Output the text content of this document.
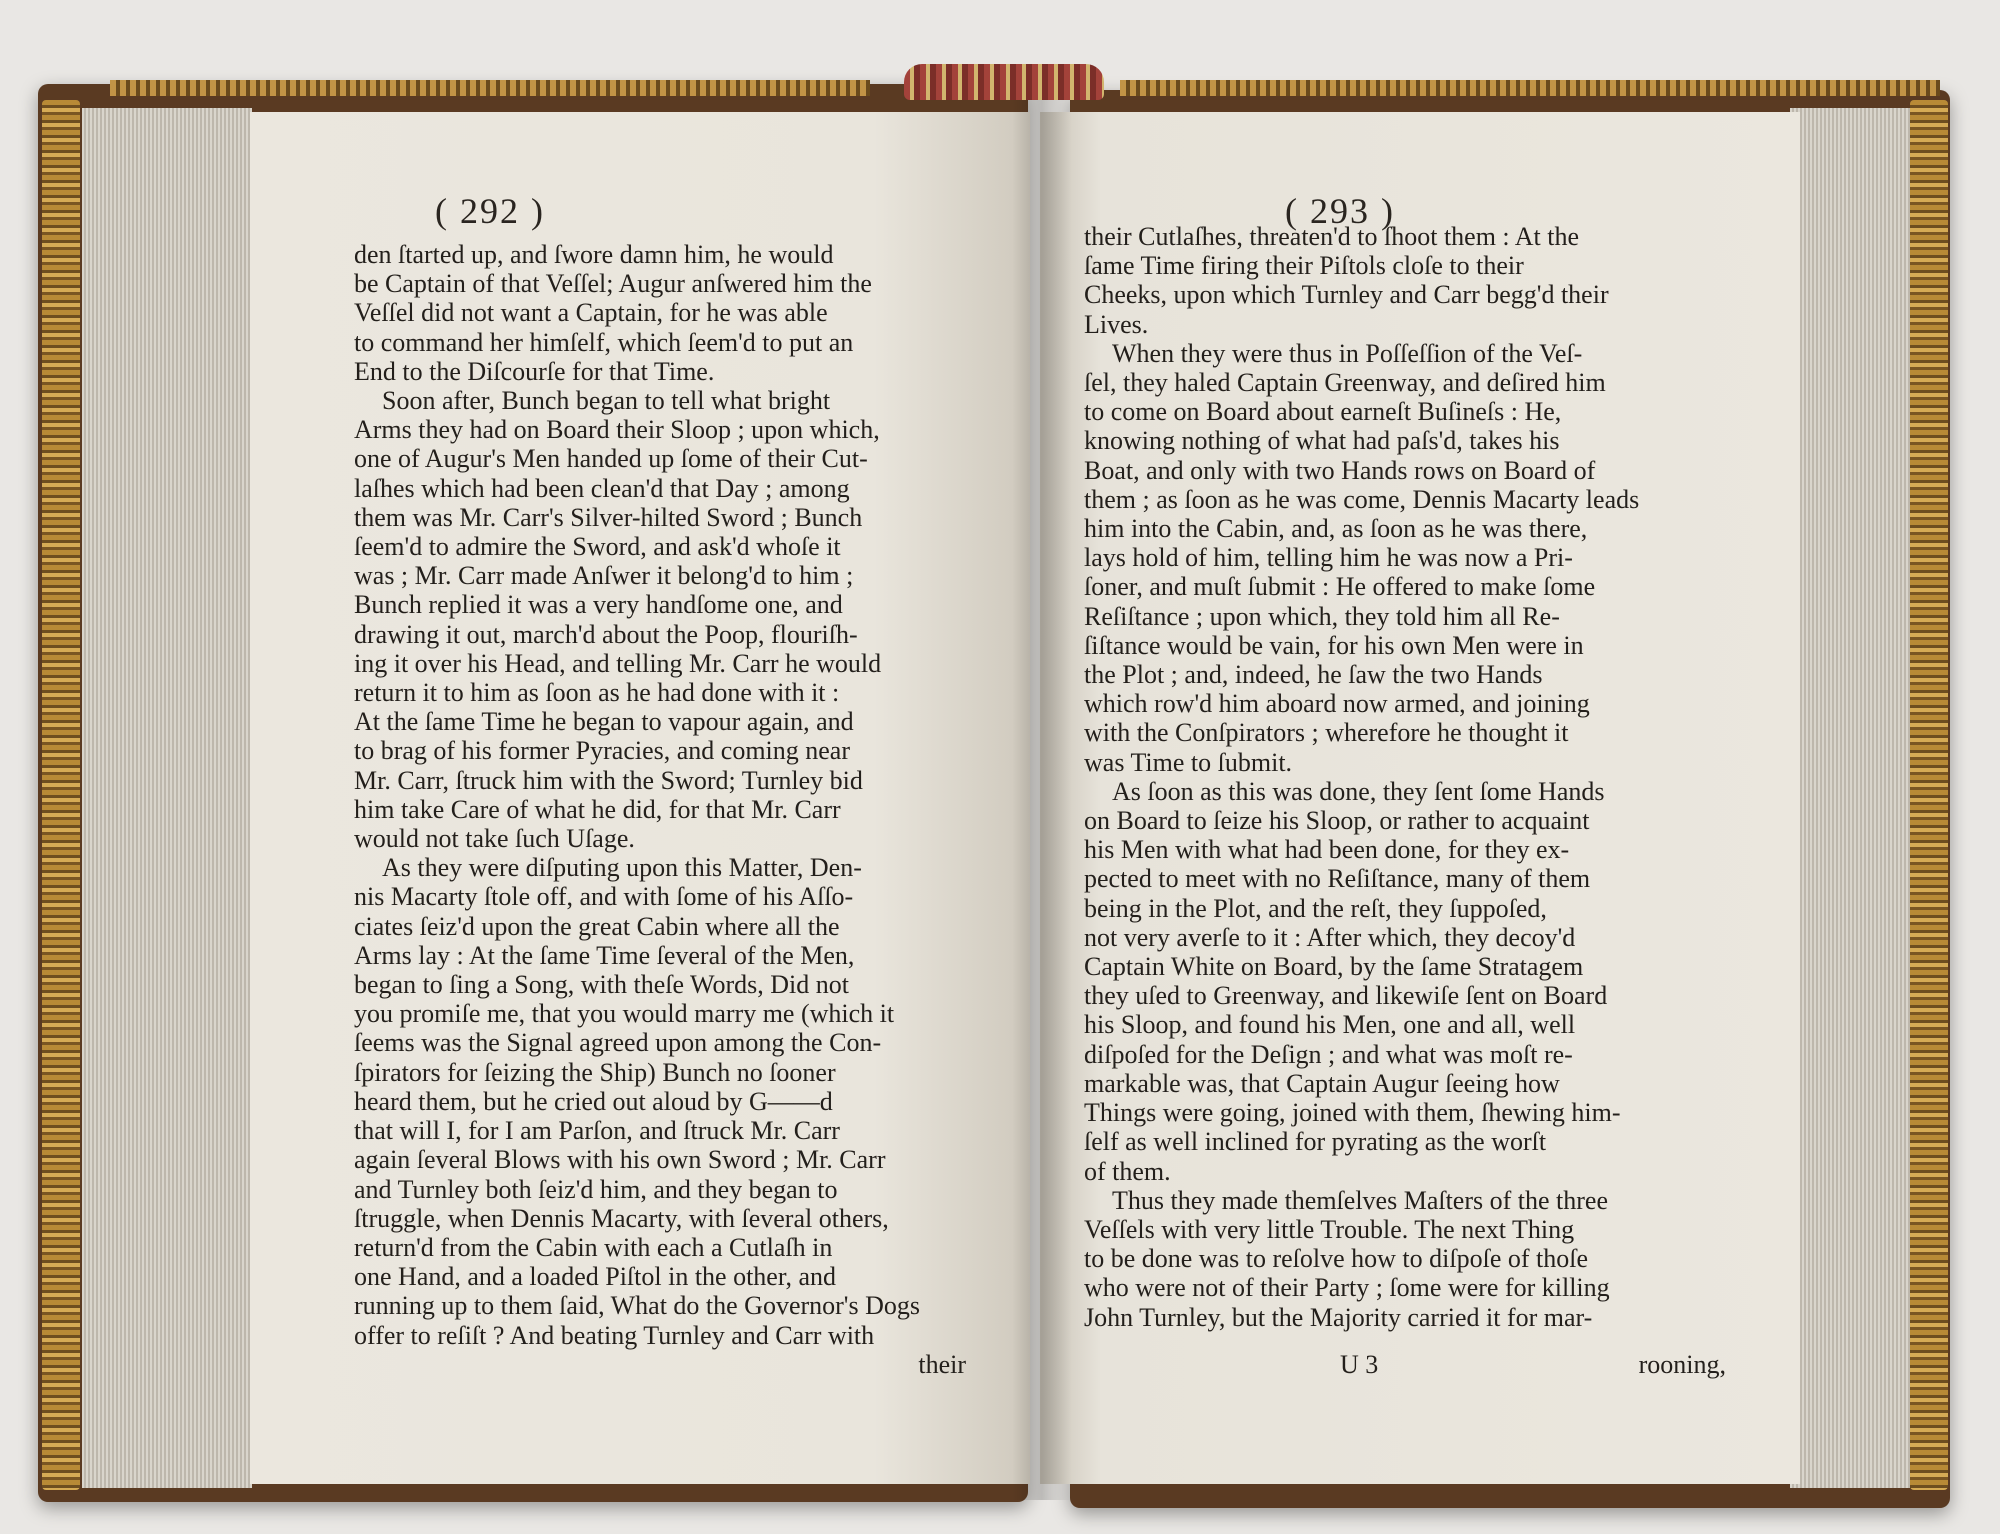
( 292 )
den ſtarted up, and ſwore damn him, he would
be Captain of that Veſſel; Augur anſwered him the
Veſſel did not want a Captain, for he was able
to command her himſelf, which ſeem'd to put an
End to the Diſcourſe for that Time.
Soon after, Bunch began to tell what bright
Arms they had on Board their Sloop ; upon which,
one of Augur's Men handed up ſome of their Cut-
laſhes which had been clean'd that Day ; among
them was Mr. Carr's Silver-hilted Sword ; Bunch
ſeem'd to admire the Sword, and ask'd whoſe it
was ; Mr. Carr made Anſwer it belong'd to him ;
Bunch replied it was a very handſome one, and
drawing it out, march'd about the Poop, flouriſh-
ing it over his Head, and telling Mr. Carr he would
return it to him as ſoon as he had done with it :
At the ſame Time he began to vapour again, and
to brag of his former Pyracies, and coming near
Mr. Carr, ſtruck him with the Sword; Turnley bid
him take Care of what he did, for that Mr. Carr
would not take ſuch Uſage.
As they were diſputing upon this Matter, Den-
nis Macarty ſtole off, and with ſome of his Aſſo-
ciates ſeiz'd upon the great Cabin where all the
Arms lay : At the ſame Time ſeveral of the Men,
began to ſing a Song, with theſe Words, Did not
you promiſe me, that you would marry me (which it
ſeems was the Signal agreed upon among the Con-
ſpirators for ſeizing the Ship) Bunch no ſooner
heard them, but he cried out aloud by G——d
that will I, for I am Parſon, and ſtruck Mr. Carr
again ſeveral Blows with his own Sword ; Mr. Carr
and Turnley both ſeiz'd him, and they began to
ſtruggle, when Dennis Macarty, with ſeveral others,
return'd from the Cabin with each a Cutlaſh in
one Hand, and a loaded Piſtol in the other, and
running up to them ſaid, What do the Governor's Dogs
offer to reſiſt ? And beating Turnley and Carr with
their
( 293 )
their Cutlaſhes, threaten'd to ſhoot them : At the
ſame Time firing their Piſtols cloſe to their
Cheeks, upon which Turnley and Carr begg'd their
Lives.
When they were thus in Poſſeſſion of the Veſ-
ſel, they haled Captain Greenway, and deſired him
to come on Board about earneſt Buſineſs : He,
knowing nothing of what had paſs'd, takes his
Boat, and only with two Hands rows on Board of
them ; as ſoon as he was come, Dennis Macarty leads
him into the Cabin, and, as ſoon as he was there,
lays hold of him, telling him he was now a Pri-
ſoner, and muſt ſubmit : He offered to make ſome
Reſiſtance ; upon which, they told him all Re-
ſiſtance would be vain, for his own Men were in
the Plot ; and, indeed, he ſaw the two Hands
which row'd him aboard now armed, and joining
with the Conſpirators ; wherefore he thought it
was Time to ſubmit.
As ſoon as this was done, they ſent ſome Hands
on Board to ſeize his Sloop, or rather to acquaint
his Men with what had been done, for they ex-
pected to meet with no Reſiſtance, many of them
being in the Plot, and the reſt, they ſuppoſed,
not very averſe to it : After which, they decoy'd
Captain White on Board, by the ſame Stratagem
they uſed to Greenway, and likewiſe ſent on Board
his Sloop, and found his Men, one and all, well
diſpoſed for the Deſign ; and what was moſt re-
markable was, that Captain Augur ſeeing how
Things were going, joined with them, ſhewing him-
ſelf as well inclined for pyrating as the worſt
of them.
Thus they made themſelves Maſters of the three
Veſſels with very little Trouble. The next Thing
to be done was to reſolve how to diſpoſe of thoſe
who were not of their Party ; ſome were for killing
John Turnley, but the Majority carried it for mar-
U 3	rooning,
